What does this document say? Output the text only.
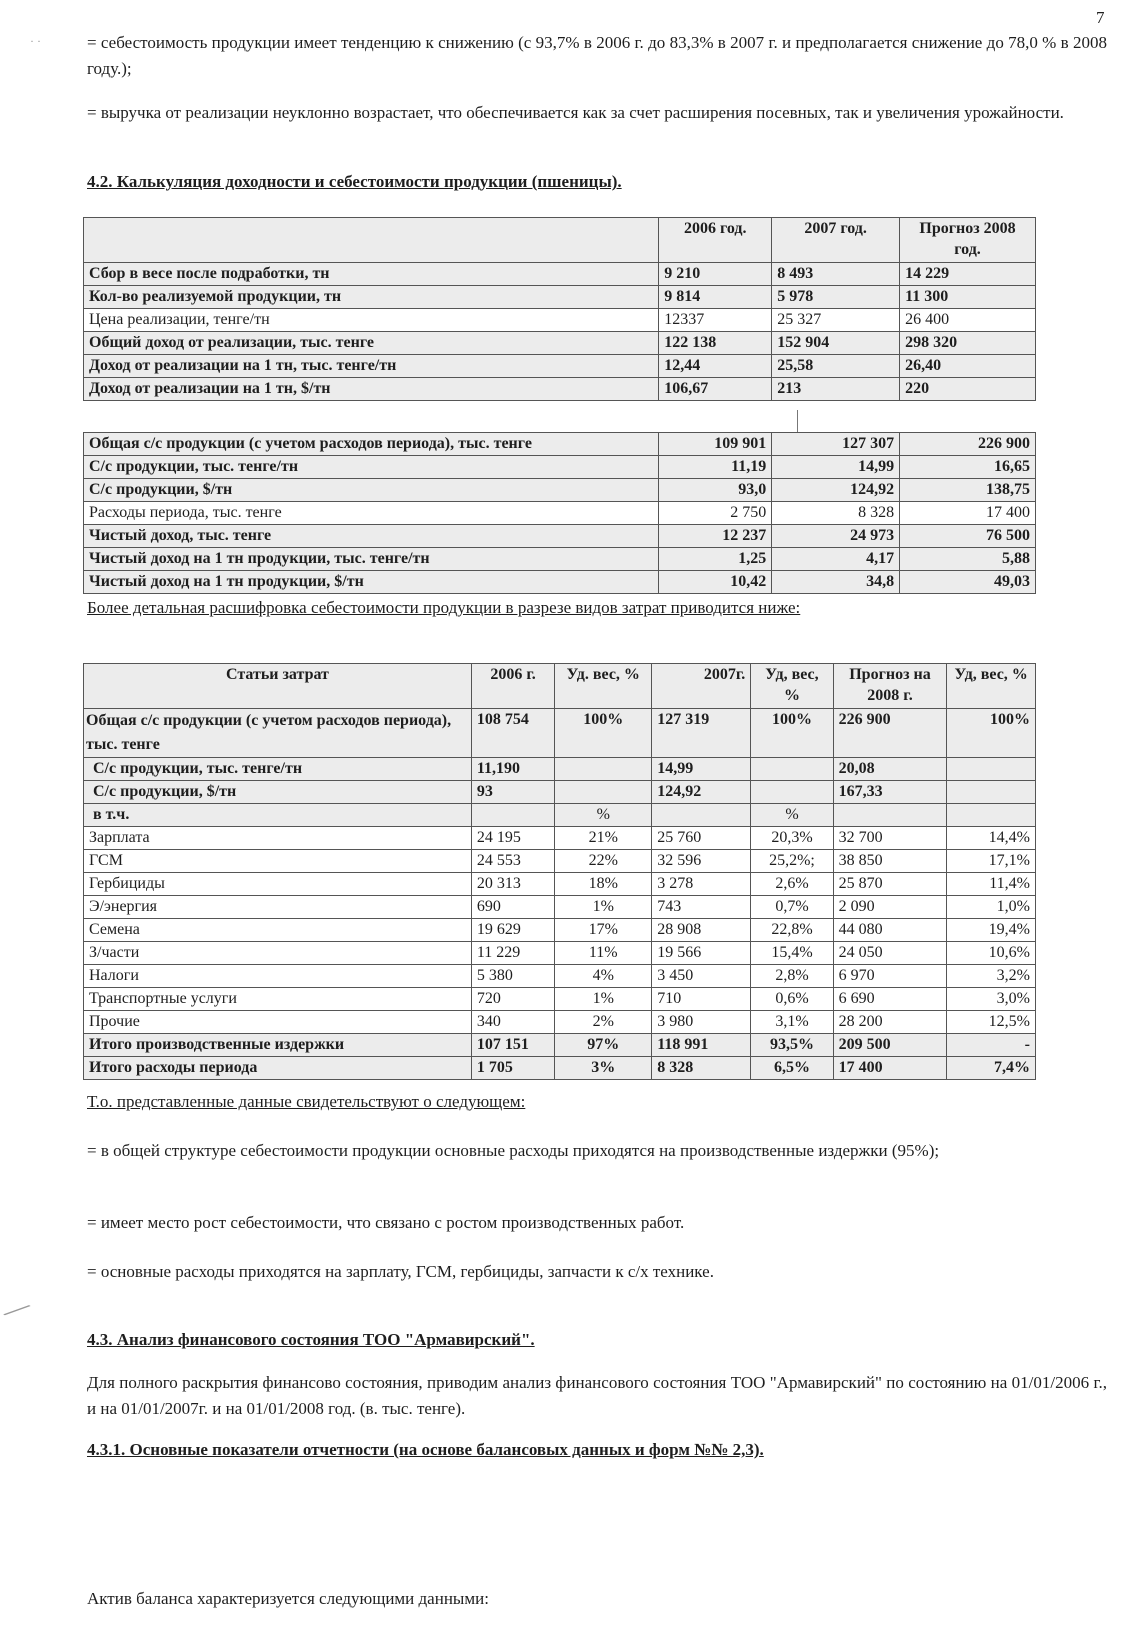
7
· ·	= себестоимость продукции имеет тенденцию к снижению (с 93,7% в 2006 г. до 83,3% в 2007 г. и предполагается снижение до 78,0 % в 2008 году.);
= выручка от реализации неуклонно возрастает, что обеспечивается как за счет расширения посевных, так и увеличения урожайности.
4.2. Калькуляция доходности и себестоимости продукции (пшеницы).
	2006 год.	2007 год.	Прогноз 2008 год.
Сбор в весе после подработки, тн	9 210	8 493	14 229
Кол-во реализуемой продукции, тн	9 814	5 978	11 300
Цена реализации, тенге/тн	12337	25 327	26 400
Общий доход от реализации, тыс. тенге	122 138	152 904	298 320
Доход от реализации на 1 тн, тыс. тенге/тн	12,44	25,58	26,40
Доход от реализации на 1 тн, $/тн	106,67	213	220
Общая с/с продукции (с учетом расходов периода), тыс. тенге	109 901	127 307	226 900
С/с продукции, тыс. тенге/тн	11,19	14,99	16,65
С/с продукции, $/тн	93,0	124,92	138,75
Расходы периода, тыс. тенге	2 750	8 328	17 400
Чистый доход, тыс. тенге	12 237	24 973	76 500
Чистый доход на 1 тн продукции, тыс. тенге/тн	1,25	4,17	5,88
Чистый доход на 1 тн продукции, $/тн	10,42	34,8	49,03
Более детальная расшифровка себестоимости продукции в разрезе видов затрат приводится ниже:
Статьи затрат	2006 г.	Уд. вес, %	2007г.	Уд, вес, %	Прогноз на 2008 г.	Уд, вес, %
Общая с/с продукции (с учетом расходов периода), тыс. тенге	108 754	100%	127 319	100%	226 900	100%
С/с продукции, тыс. тенге/тн	11,190		14,99		20,08	
С/с продукции, $/тн	93		124,92		167,33	
в т.ч.		%		%		
Зарплата	24 195	21%	25 760	20,3%	32 700	14,4%
ГСМ	24 553	22%	32 596	25,2%;	38 850	17,1%
Гербициды	20 313	18%	3 278	2,6%	25 870	11,4%
Э/энергия	690	1%	743	0,7%	2 090	1,0%
Семена	19 629	17%	28 908	22,8%	44 080	19,4%
З/части	11 229	11%	19 566	15,4%	24 050	10,6%
Налоги	5 380	4%	3 450	2,8%	6 970	3,2%
Транспортные услуги	720	1%	710	0,6%	6 690	3,0%
Прочие	340	2%	3 980	3,1%	28 200	12,5%
Итого производственные издержки	107 151	97%	118 991	93,5%	209 500	-
Итого расходы периода	1 705	3%	8 328	6,5%	17 400	7,4%
Т.о. представленные данные свидетельствуют о следующем:
= в общей структуре себестоимости продукции основные расходы приходятся на производственные издержки (95%);
= имеет место рост себестоимости, что связано с ростом производственных работ.
= основные расходы приходятся на зарплату, ГСМ, гербициды, запчасти к с/х технике.
⟋
4.3. Анализ финансового состояния ТОО "Армавирский".
Для полного раскрытия финансово состояния, приводим анализ финансового состояния ТОО "Армавирский" по состоянию на 01/01/2006 г., и на 01/01/2007г. и на 01/01/2008 год. (в. тыс. тенге).
4.3.1. Основные показатели отчетности (на основе балансовых данных и форм №№ 2,3).
Актив баланса характеризуется следующими данными:
